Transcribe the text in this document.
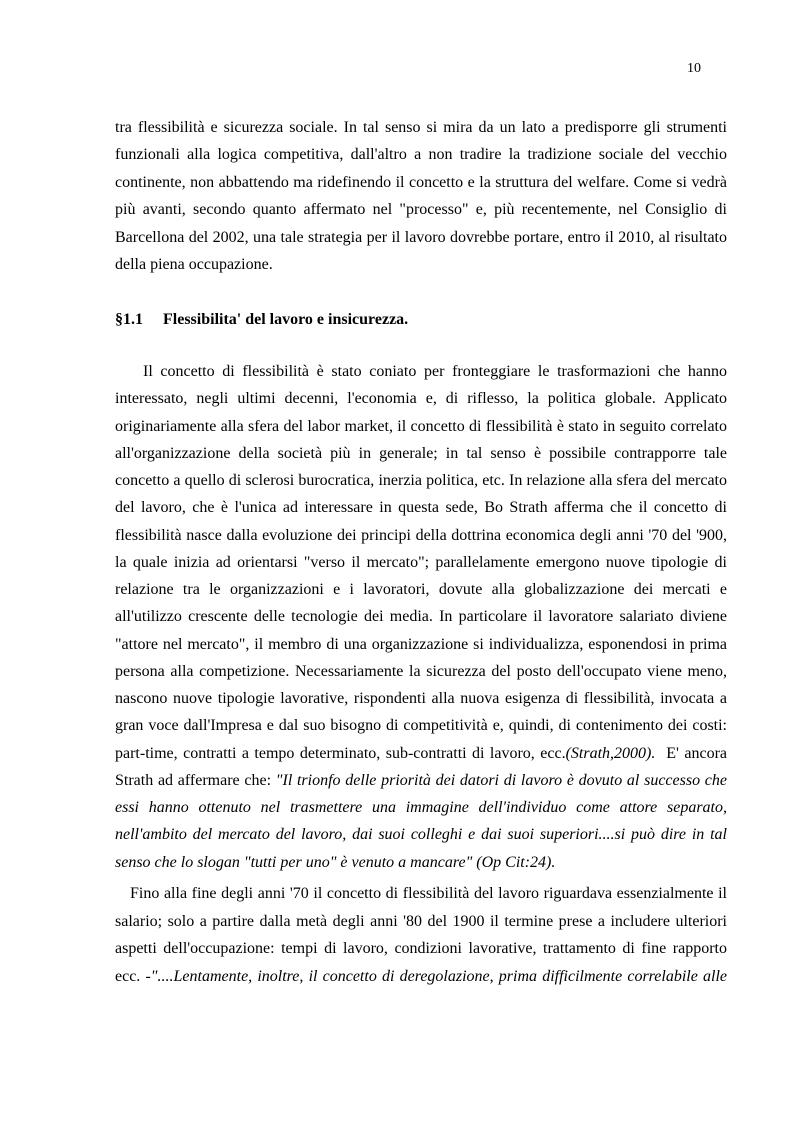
10
tra flessibilità e sicurezza sociale. In tal senso si mira da un lato a predisporre gli strumenti
funzionali alla logica competitiva, dall'altro a non tradire la tradizione sociale del vecchio
continente, non abbattendo ma ridefinendo il concetto e la struttura del welfare. Come si vedrà
più avanti, secondo quanto affermato nel "processo" e, più recentemente, nel Consiglio di
Barcellona del 2002, una tale strategia per il lavoro dovrebbe portare, entro il 2010, al risultato
della piena occupazione.
§1.1 Flessibilita' del lavoro e insicurezza.
Il concetto di flessibilità è stato coniato per fronteggiare le trasformazioni che hanno
interessato, negli ultimi decenni, l'economia e, di riflesso, la politica globale. Applicato
originariamente alla sfera del labor market, il concetto di flessibilità è stato in seguito correlato
all'organizzazione della società più in generale; in tal senso è possibile contrapporre tale
concetto a quello di sclerosi burocratica, inerzia politica, etc. In relazione alla sfera del mercato
del lavoro, che è l'unica ad interessare in questa sede, Bo Strath afferma che il concetto di
flessibilità nasce dalla evoluzione dei principi della dottrina economica degli anni '70 del '900,
la quale inizia ad orientarsi "verso il mercato"; parallelamente emergono nuove tipologie di
relazione tra le organizzazioni e i lavoratori, dovute alla globalizzazione dei mercati e
all'utilizzo crescente delle tecnologie dei media. In particolare il lavoratore salariato diviene
"attore nel mercato", il membro di una organizzazione si individualizza, esponendosi in prima
persona alla competizione. Necessariamente la sicurezza del posto dell'occupato viene meno,
nascono nuove tipologie lavorative, rispondenti alla nuova esigenza di flessibilità, invocata a
gran voce dall'Impresa e dal suo bisogno di competitività e, quindi, di contenimento dei costi:
part-time, contratti a tempo determinato, sub-contratti di lavoro, ecc.(Strath,2000). E' ancora
Strath ad affermare che: "Il trionfo delle priorità dei datori di lavoro è dovuto al successo che
essi hanno ottenuto nel trasmettere una immagine dell'individuo come attore separato,
nell'ambito del mercato del lavoro, dai suoi colleghi e dai suoi superiori....si può dire in tal
senso che lo slogan "tutti per uno" è venuto a mancare" (Op Cit:24).
Fino alla fine degli anni '70 il concetto di flessibilità del lavoro riguardava essenzialmente il
salario; solo a partire dalla metà degli anni '80 del 1900 il termine prese a includere ulteriori
aspetti dell'occupazione: tempi di lavoro, condizioni lavorative, trattamento di fine rapporto
ecc. -"....Lentamente, inoltre, il concetto di deregolazione, prima difficilmente correlabile alle
